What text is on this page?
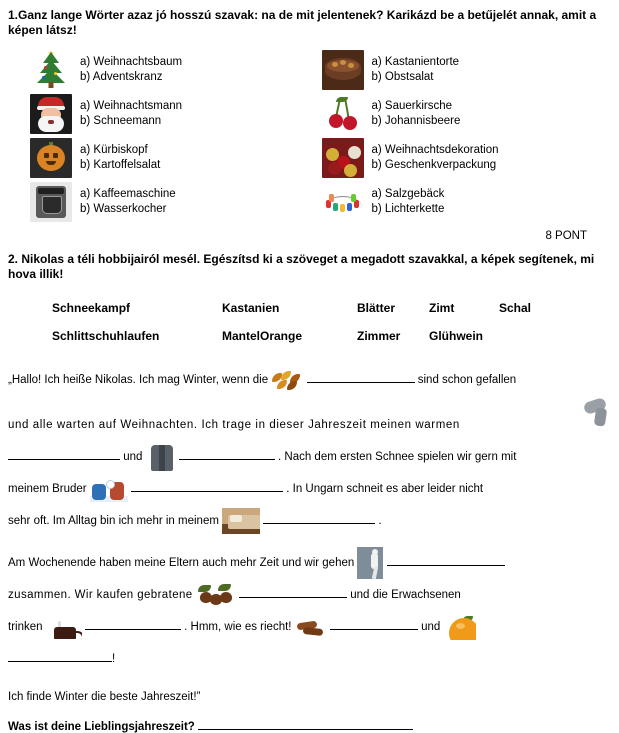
1.Ganz lange Wörter azaz jó hosszú szavak: na de mit jelentenek? Karikázd be a betűjelét annak, amit a képen látsz!
★
a) Weihnachtsbaum
b) Adventskranz
a) Kastanientorte
b) Obstsalat
a) Weihnachtsmann
b) Schneemann
a) Sauerkirsche
b) Johannisbeere
a) Kürbiskopf
b) Kartoffelsalat
a) Weihnachtsdekoration
b) Geschenkverpackung
a) Kaffeemaschine
b) Wasserkocher
a) Salzgebäck
b) Lichterkette
8 PONT
2. Nikolas a téli hobbijairól mesél. Egészítsd ki a szöveget a megadott szavakkal, a képek segítenek, mi hova illik!
Schneekampf	Kastanien	Blätter	Zimt	Schal
Schlittschuhlaufen	MantelOrange	Zimmer	Glühwein
„Hallo! Ich heiße Nikolas. Ich mag Winter, wenn die	sind schon gefallen
und alle warten auf Weihnachten. Ich trage in dieser Jahreszeit meinen warmen
und	. Nach dem ersten Schnee spielen wir gern mit
meinem Bruder	. In Ungarn schneit es aber leider nicht
sehr oft. Im Alltag bin ich mehr in meinem	.
Am Wochenende haben meine Eltern auch mehr Zeit und wir gehen

zusammen. Wir kaufen gebratene	und die Erwachsenen
trinken	. Hmm, wie es riecht!	und
!
Ich finde Winter die beste Jahreszeit!”
Was ist deine Lieblingsjahreszeit?
